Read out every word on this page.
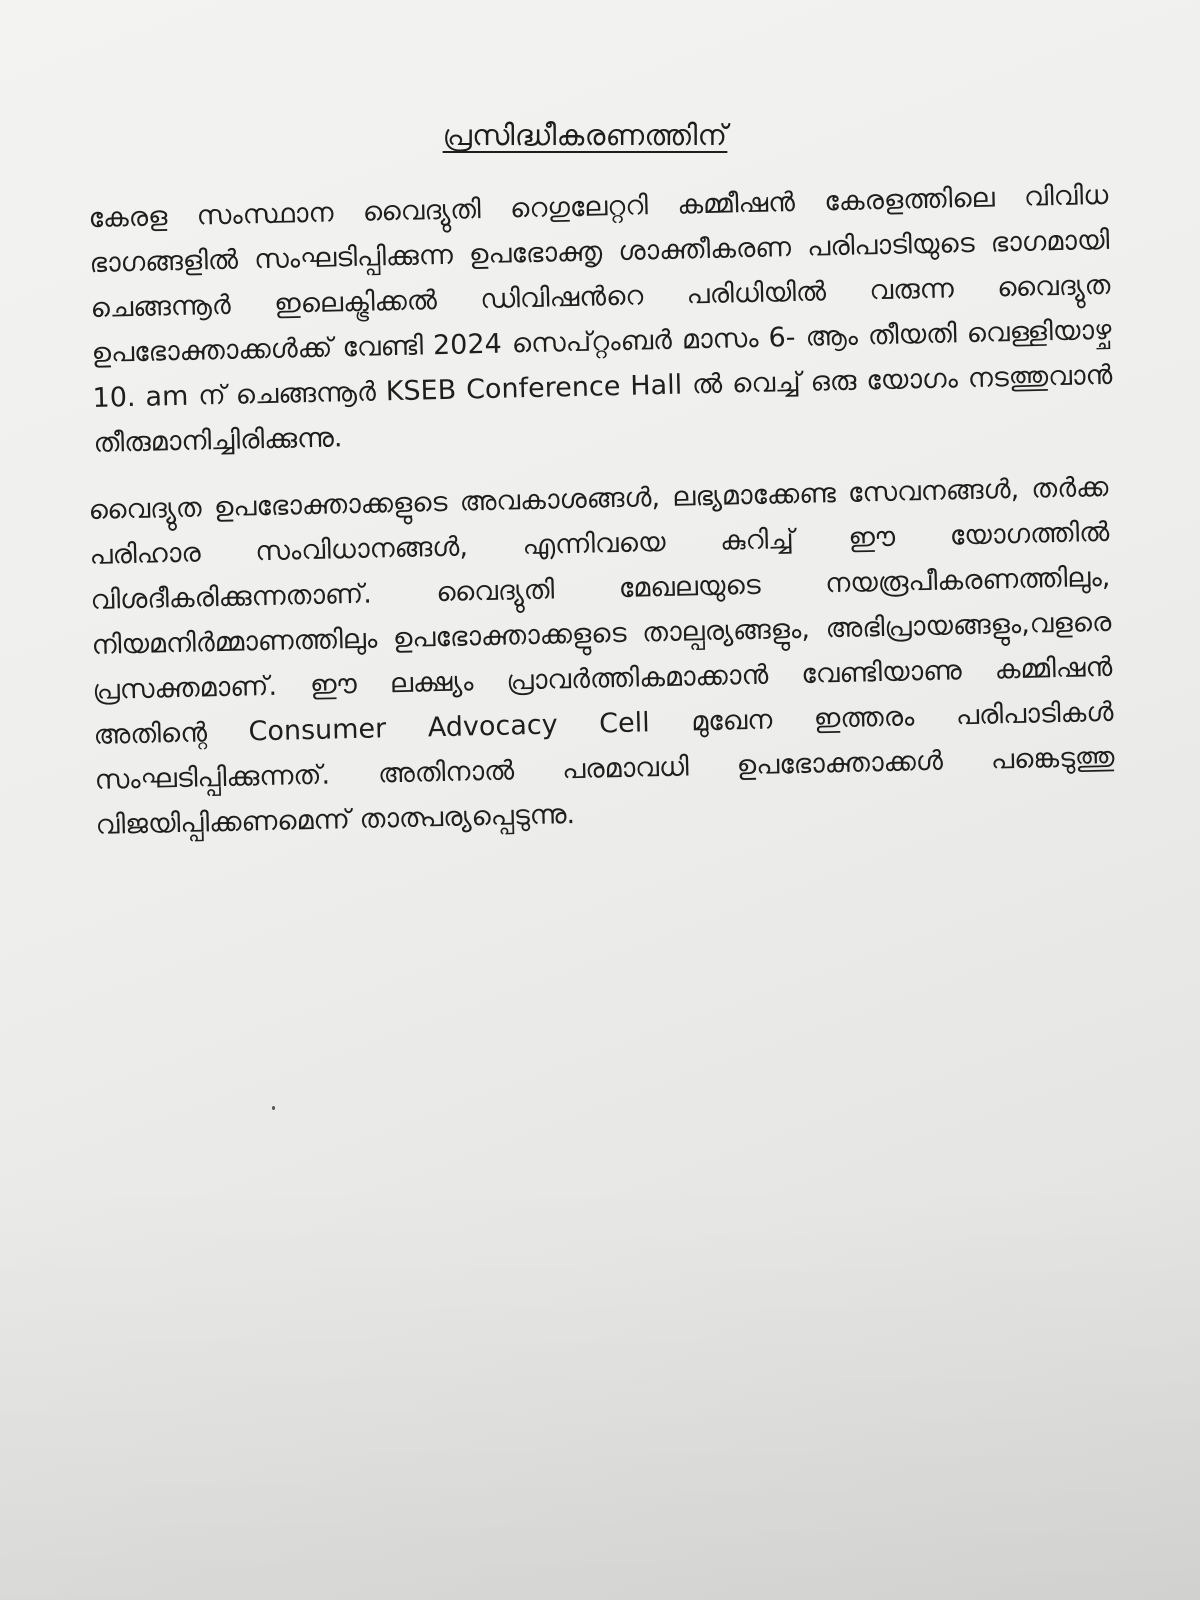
പ്രസിദ്ധീകരണത്തിന്

കേരള സംസ്ഥാന വൈദ്യുതി റെഗുലേറ്ററി കമ്മീഷൻ കേരളത്തിലെ വിവിധ ഭാഗങ്ങളിൽ സംഘടിപ്പിക്കുന്ന ഉപഭോക്തൃ ശാക്തീകരണ പരിപാടിയുടെ ഭാഗമായി ചെങ്ങന്നൂർ ഇലെക്ട്രിക്കൽ ഡിവിഷൻറെ പരിധിയിൽ വരുന്ന വൈദ്യുത ഉപഭോക്താക്കൾക്ക് വേണ്ടി 2024 സെപ്റ്റംബർ മാസം 6- ആം തീയതി വെള്ളിയാഴ്ച 10. am ന് ചെങ്ങന്നൂർ KSEB Conference Hall ൽ വെച്ച് ഒരു യോഗം നടത്തുവാൻ തീരുമാനിച്ചിരിക്കുന്നു.

വൈദ്യുത ഉപഭോക്താക്കളുടെ അവകാശങ്ങൾ, ലഭ്യമാക്കേണ്ട സേവനങ്ങൾ, തർക്ക പരിഹാര സംവിധാനങ്ങൾ, എന്നിവയെ കുറിച്ച് ഈ യോഗത്തിൽ വിശദീകരിക്കുന്നതാണ്. വൈദ്യുതി മേഖലയുടെ നയരൂപീകരണത്തിലും, നിയമനിർമ്മാണത്തിലും ഉപഭോക്താക്കളുടെ താല്പര്യങ്ങളും, അഭിപ്രായങ്ങളും,വളരെ പ്രസക്തമാണ്. ഈ ലക്ഷ്യം പ്രാവർത്തികമാക്കാൻ വേണ്ടിയാണു കമ്മിഷൻ അതിന്റെ Consumer Advocacy Cell മുഖേന ഇത്തരം പരിപാടികൾ സംഘടിപ്പിക്കുന്നത്. അതിനാൽ പരമാവധി ഉപഭോക്താക്കൾ പങ്കെടുത്തു വിജയിപ്പിക്കണമെന്ന് താത്പര്യപ്പെടുന്നു.
